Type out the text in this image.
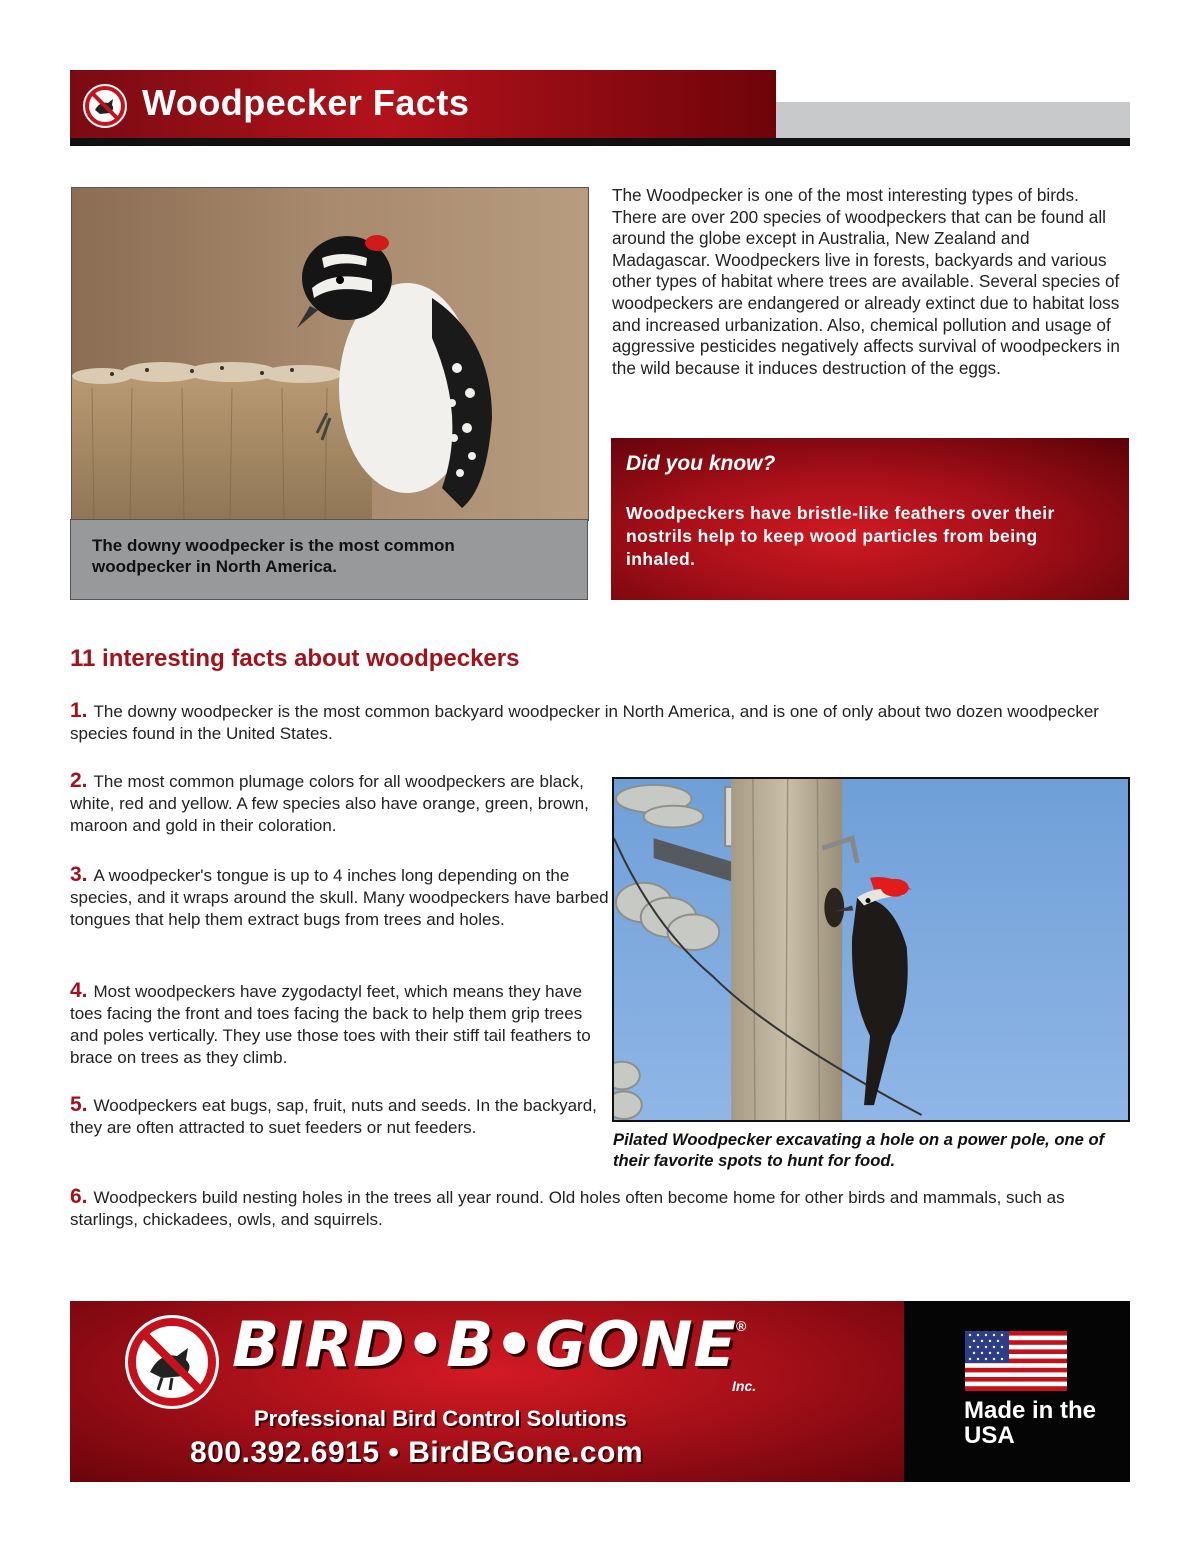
Woodpecker Facts
The downy woodpecker is the most common woodpecker in North America.
The Woodpecker is one of the most interesting types of birds. There are over 200 species of woodpeckers that can be found all around the globe except in Australia, New Zealand and Madagascar. Woodpeckers live in forests, backyards and various other types of habitat where trees are available. Several species of woodpeckers are endangered or already extinct due to habitat loss and increased urbanization. Also, chemical pollution and usage of aggressive pesticides negatively affects survival of woodpeckers in the wild because it induces destruction of the eggs.
Did you know?
Woodpeckers have bristle-like feathers over their nostrils help to keep wood particles from being inhaled.
11 interesting facts about woodpeckers
1. The downy woodpecker is the most common backyard woodpecker in North America, and is one of only about two dozen woodpecker species found in the United States.
2. The most common plumage colors for all woodpeckers are black, white, red and yellow. A few species also have orange, green, brown, maroon and gold in their coloration.
3. A woodpecker's tongue is up to 4 inches long depending on the species, and it wraps around the skull. Many woodpeckers have barbed tongues that help them extract bugs from trees and holes.
4. Most woodpeckers have zygodactyl feet, which means they have toes facing the front and toes facing the back to help them grip trees and poles vertically. They use those toes with their stiff tail feathers to brace on trees as they climb.
5. Woodpeckers eat bugs, sap, fruit, nuts and seeds. In the backyard, they are often attracted to suet feeders or nut feeders.
6. Woodpeckers build nesting holes in the trees all year round. Old holes often become home for other birds and mammals, such as starlings, chickadees, owls, and squirrels.
Pilated Woodpecker excavating a hole on a power pole, one of their favorite spots to hunt for food.
BIRD•B•GONE ®
Inc.
Professional Bird Control Solutions
800.392.6915 • BirdBGone.com
Made in the USA
